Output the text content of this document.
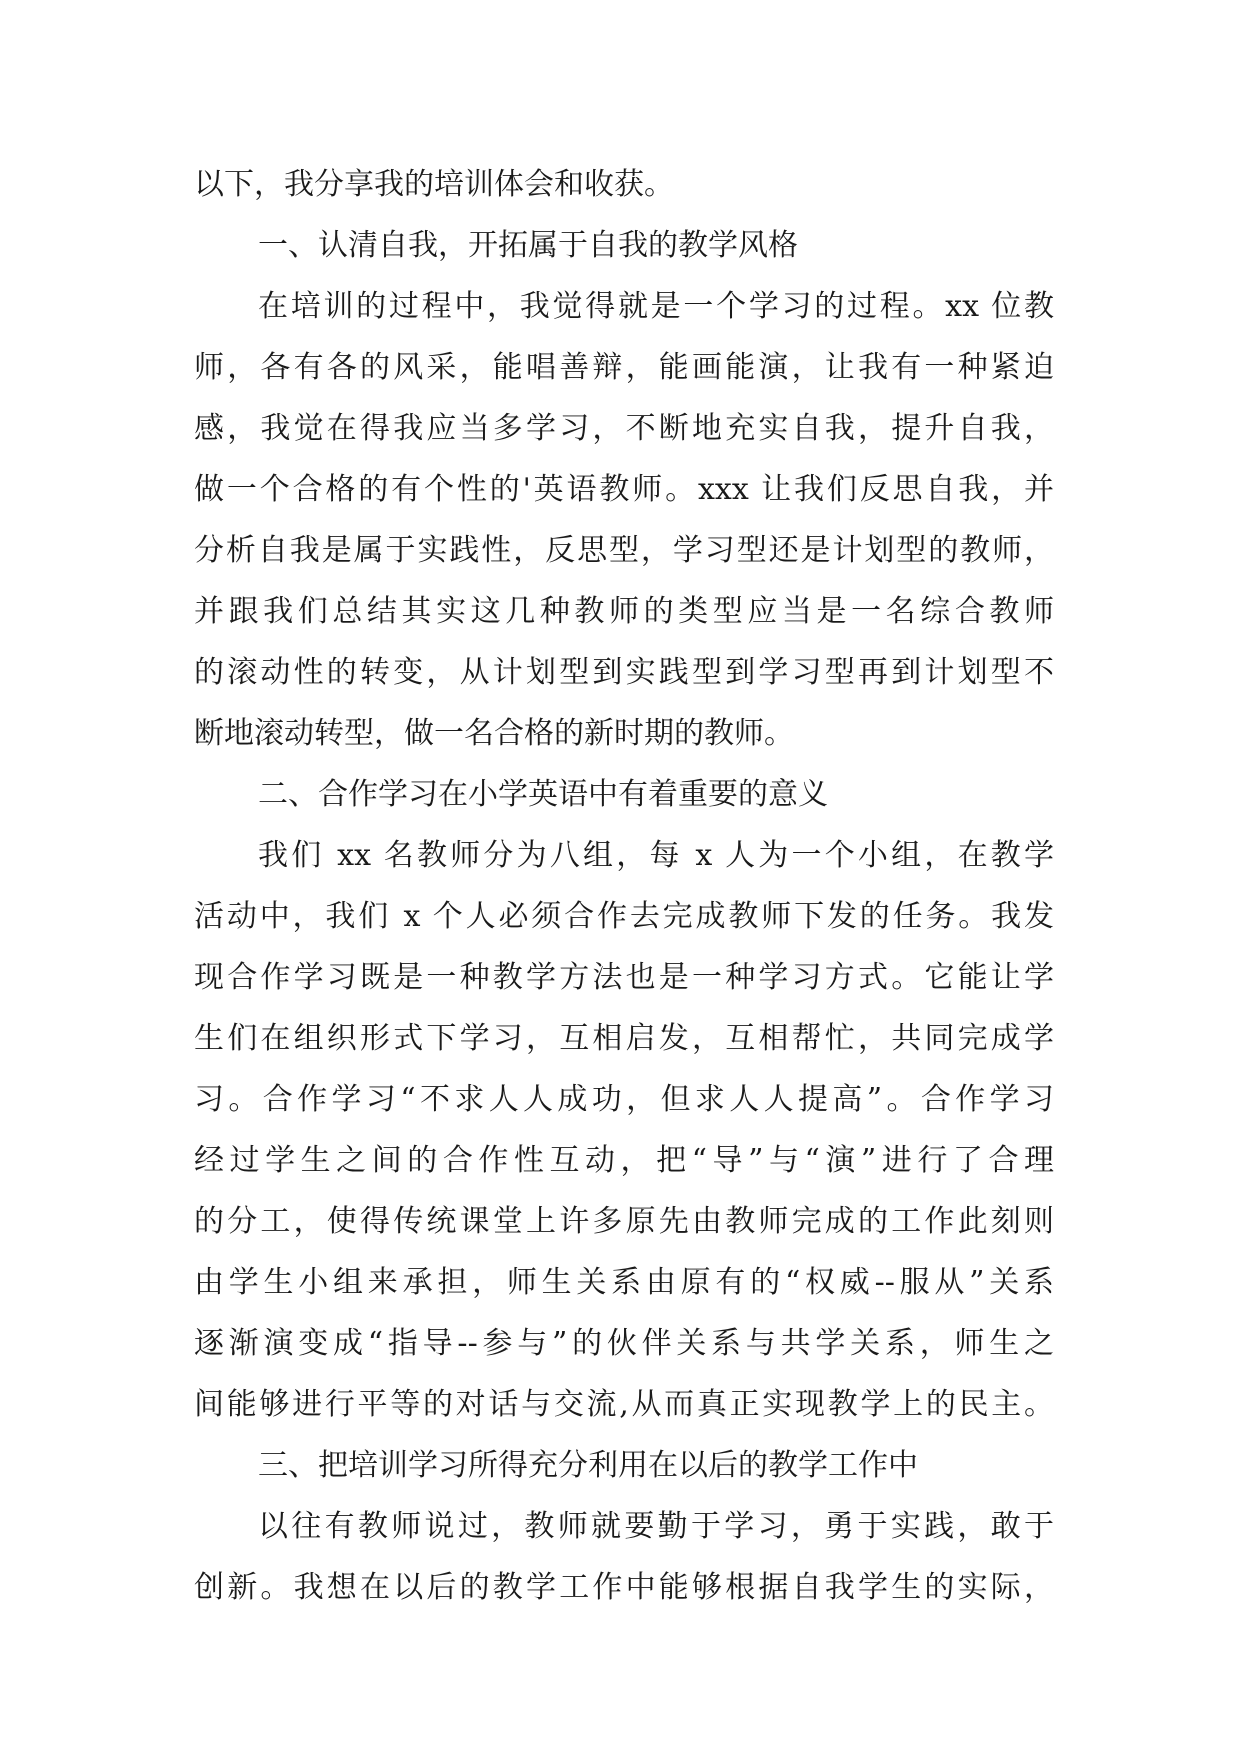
以下，我分享我的培训体会和收获。
一、认清自我，开拓属于自我的教学风格
在培训的过程中，我觉得就是一个学习的过程。xx 位教
师，各有各的风采，能唱善辩，能画能演，让我有一种紧迫
感，我觉在得我应当多学习，不断地充实自我，提升自我，
做一个合格的有个性的'英语教师。xxx 让我们反思自我，并
分析自我是属于实践性，反思型，学习型还是计划型的教师，
并跟我们总结其实这几种教师的类型应当是一名综合教师
的滚动性的转变，从计划型到实践型到学习型再到计划型不
断地滚动转型，做一名合格的新时期的教师。
二、合作学习在小学英语中有着重要的意义
我们 xx 名教师分为八组，每 x 人为一个小组，在教学
活动中，我们 x 个人必须合作去完成教师下发的任务。我发
现合作学习既是一种教学方法也是一种学习方式。它能让学
生们在组织形式下学习，互相启发，互相帮忙，共同完成学
习。合作学习“不求人人成功，但求人人提高”。合作学习
经过学生之间的合作性互动，把“导”与“演”进行了合理
的分工，使得传统课堂上许多原先由教师完成的工作此刻则
由学生小组来承担，师生关系由原有的“权威--服从”关系
逐渐演变成“指导--参与”的伙伴关系与共学关系，师生之
间能够进行平等的对话与交流,从而真正实现教学上的民主。
三、把培训学习所得充分利用在以后的教学工作中
以往有教师说过，教师就要勤于学习，勇于实践，敢于
创新。我想在以后的教学工作中能够根据自我学生的实际，
